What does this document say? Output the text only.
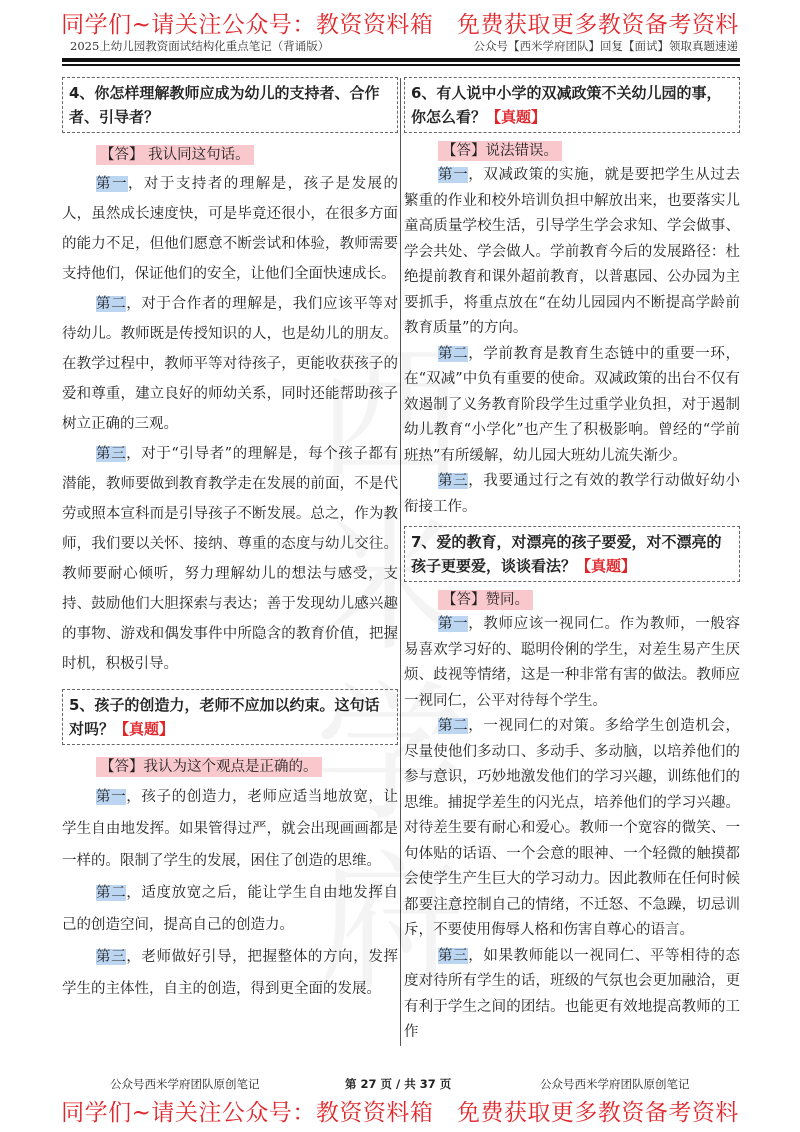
同学们~请关注公众号：教资资料箱　免费获取更多教资备考资料
2025上幼儿园教资面试结构化重点笔记（背诵版）	公众号【西米学府团队】回复【面试】领取真题速递

4、你怎样理解教师应成为幼儿的支持者、合作者、引导者？
【答】 我认同这句话。

第一，对于支持者的理解是，孩子是发展的人，虽然成长速度快，可是毕竟还很小，在很多方面的能力不足，但他们愿意不断尝试和体验，教师需要支持他们，保证他们的安全，让他们全面快速成长。

第二，对于合作者的理解是，我们应该平等对待幼儿。教师既是传授知识的人，也是幼儿的朋友。在教学过程中，教师平等对待孩子，更能收获孩子的爱和尊重，建立良好的师幼关系，同时还能帮助孩子树立正确的三观。

第三，对于“引导者”的理解是，每个孩子都有潜能，教师要做到教育教学走在发展的前面，不是代劳或照本宣科而是引导孩子不断发展。总之，作为教师，我们要以关怀、接纳、尊重的态度与幼儿交往。教师要耐心倾听，努力理解幼儿的想法与感受，支持、鼓励他们大胆探索与表达；善于发现幼儿感兴趣的事物、游戏和偶发事件中所隐含的教育价值，把握时机，积极引导。

5、孩子的创造力，老师不应加以约束。这句话对吗？【真题】
【答】我认为这个观点是正确的。

第一，孩子的创造力，老师应适当地放宽，让学生自由地发挥。如果管得过严，就会出现画画都是一样的。限制了学生的发展，困住了创造的思维。

第二，适度放宽之后，能让学生自由地发挥自己的创造空间，提高自己的创造力。

第三，老师做好引导，把握整体的方向，发挥学生的主体性，自主的创造，得到更全面的发展。

6、有人说中小学的双减政策不关幼儿园的事，你怎么看？【真题】
【答】说法错误。

第一，双减政策的实施，就是要把学生从过去繁重的作业和校外培训负担中解放出来，也要落实儿童高质量学校生活，引导学生学会求知、学会做事、学会共处、学会做人。学前教育今后的发展路径：杜绝提前教育和课外超前教育，以普惠园、公办园为主要抓手，将重点放在“在幼儿园园内不断提高学龄前教育质量”的方向。

第二，学前教育是教育生态链中的重要一环，在“双减”中负有重要的使命。双减政策的出台不仅有效遏制了义务教育阶段学生过重学业负担，对于遏制幼儿教育“小学化”也产生了积极影响。曾经的“学前班热”有所缓解，幼儿园大班幼儿流失渐少。

第三，我要通过行之有效的教学行动做好幼小衔接工作。

7、爱的教育，对漂亮的孩子要爱，对不漂亮的孩子更要爱，谈谈看法？【真题】
【答】赞同。

第一，教师应该一视同仁。作为教师，一般容易喜欢学习好的、聪明伶俐的学生，对差生易产生厌烦、歧视等情绪，这是一种非常有害的做法。教师应一视同仁，公平对待每个学生。

第二，一视同仁的对策。多给学生创造机会，尽量使他们多动口、多动手、多动脑，以培养他们的参与意识，巧妙地激发他们的学习兴趣，训练他们的思维。捕捉学差生的闪光点，培养他们的学习兴趣。对待差生要有耐心和爱心。教师一个宽容的微笑、一句体贴的话语、一个会意的眼神、一个轻微的触摸都会使学生产生巨大的学习动力。因此教师在任何时候都要注意控制自己的情绪，不迁怒、不急躁，切忌训斥，不要使用侮辱人格和伤害自尊心的语言。

第三，如果教师能以一视同仁、平等相待的态度对待所有学生的话，班级的气氛也会更加融洽，更有利于学生之间的团结。也能更有效地提高教师的工作

公众号西米学府团队原创笔记	第 27 页 / 共 37 页	公众号西米学府团队原创笔记
同学们~请关注公众号：教资资料箱　免费获取更多教资备考资料
